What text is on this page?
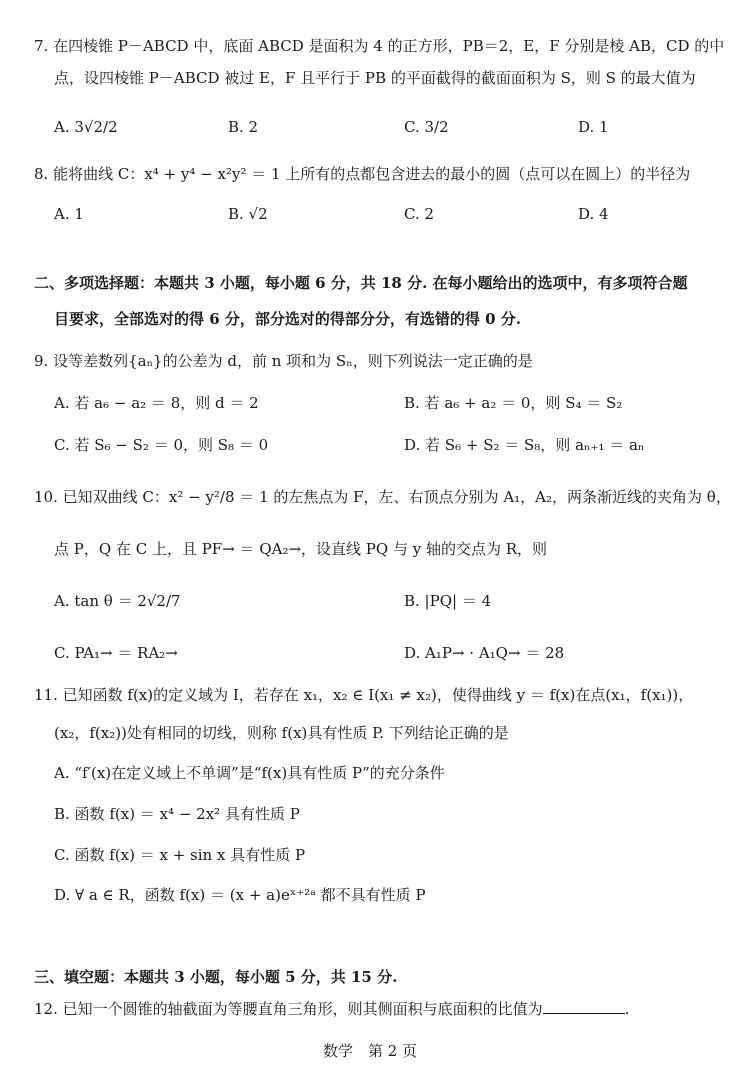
7. 在四棱锥 P－ABCD 中，底面 ABCD 是面积为 4 的正方形，PB＝2，E，F 分别是棱 AB，CD 的中
点，设四棱锥 P－ABCD 被过 E，F 且平行于 PB 的平面截得的截面面积为 S，则 S 的最大值为
A. 3√2/2	B. 2	C. 3/2	D. 1
8. 能将曲线 C：x⁴ + y⁴ − x²y² ＝ 1 上所有的点都包含进去的最小的圆（点可以在圆上）的半径为
A. 1	B. √2	C. 2	D. 4
二、多项选择题：本题共 3 小题，每小题 6 分，共 18 分. 在每小题给出的选项中，有多项符合题
目要求，全部选对的得 6 分，部分选对的得部分分，有选错的得 0 分.
9. 设等差数列{aₙ}的公差为 d，前 n 项和为 Sₙ，则下列说法一定正确的是
A. 若 a₆ − a₂ ＝ 8，则 d ＝ 2	B. 若 a₆ + a₂ ＝ 0，则 S₄ ＝ S₂
C. 若 S₆ − S₂ ＝ 0，则 S₈ ＝ 0	D. 若 S₆ + S₂ ＝ S₈，则 aₙ₊₁ ＝ aₙ
10. 已知双曲线 C：x² − y²/8 ＝ 1 的左焦点为 F，左、右顶点分别为 A₁，A₂，两条渐近线的夹角为 θ，
点 P，Q 在 C 上，且 PF→ ＝ QA₂→，设直线 PQ 与 y 轴的交点为 R，则
A. tan θ ＝ 2√2/7	B. |PQ| ＝ 4
C. PA₁→ ＝ RA₂→	D. A₁P→ · A₁Q→ ＝ 28
11. 已知函数 f(x)的定义域为 I，若存在 x₁，x₂ ∈ I(x₁ ≠ x₂)，使得曲线 y ＝ f(x)在点(x₁，f(x₁))，
(x₂，f(x₂))处有相同的切线，则称 f(x)具有性质 P. 下列结论正确的是
A. “f′(x)在定义域上不单调”是“f(x)具有性质 P”的充分条件
B. 函数 f(x) ＝ x⁴ − 2x² 具有性质 P
C. 函数 f(x) ＝ x + sin x 具有性质 P
D. ∀ a ∈ R，函数 f(x) ＝ (x + a)eˣ⁺²ᵃ 都不具有性质 P
三、填空题：本题共 3 小题，每小题 5 分，共 15 分.
12. 已知一个圆锥的轴截面为等腰直角三角形，则其侧面积与底面积的比值为	.
数学　第 2 页
